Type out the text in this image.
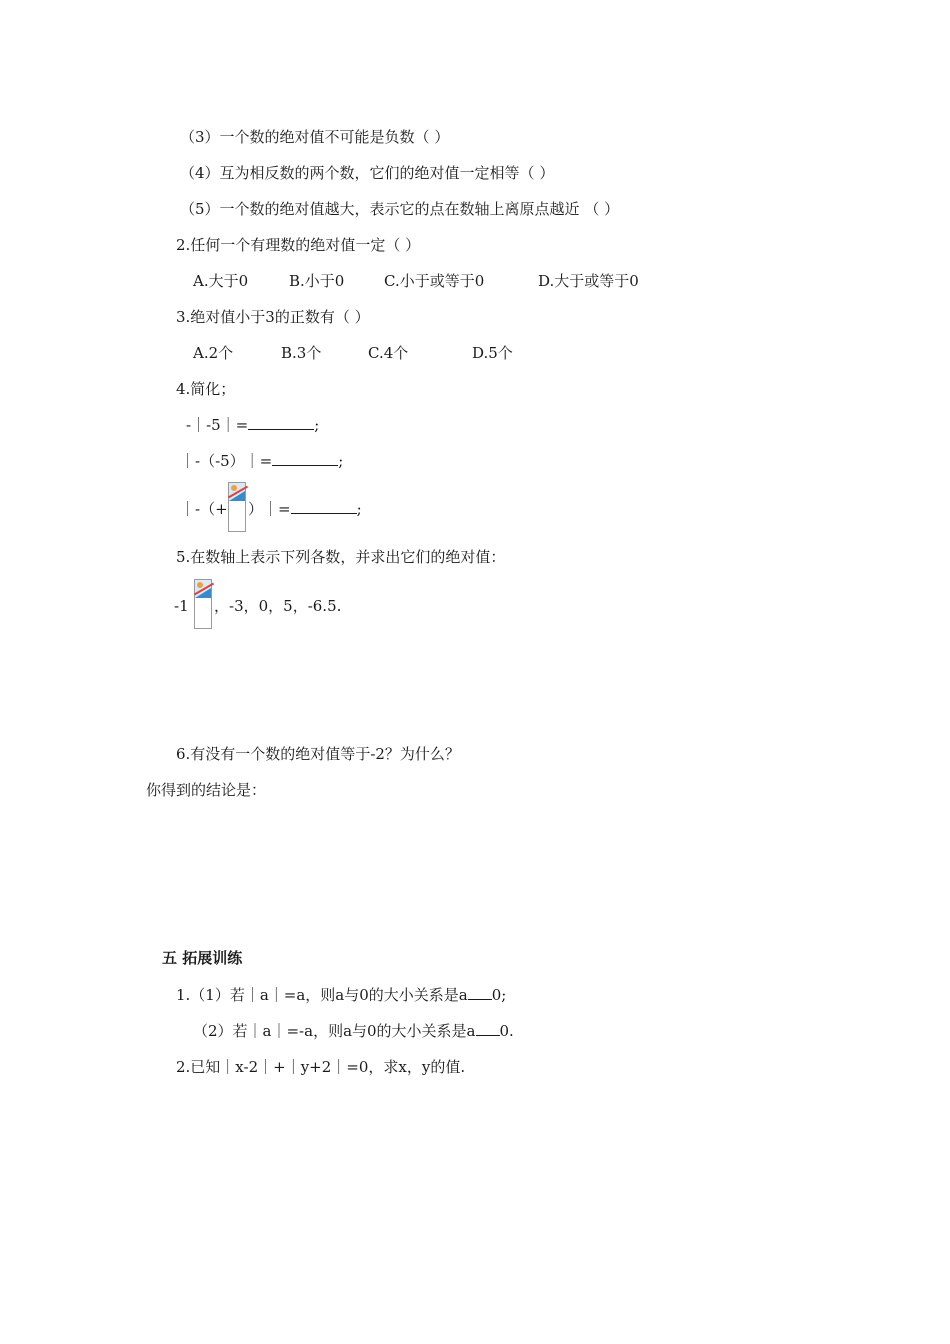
（3）一个数的绝对值不可能是负数（ ）
（4）互为相反数的两个数，它们的绝对值一定相等（ ）
（5）一个数的绝对值越大，表示它的点在数轴上离原点越近 （ ）
2.任何一个有理数的绝对值一定（ ）
A.大于0	B.小于0	C.小于或等于0	D.大于或等于0
3.绝对值小于3的正数有（ ）
A.2个	B.3个	C.4个	D.5个
4.简化；
-｜-5｜=	;
｜-（-5）｜=	;
｜-（+ ）｜=	;
5.在数轴上表示下列各数，并求出它们的绝对值：
-1 ，-3，0，5，-6.5.
6.有没有一个数的绝对值等于-2？为什么？
你得到的结论是：
五 拓展训练
1.（1）若｜a｜=a，则a与0的大小关系是a 0;
（2）若｜a｜=-a，则a与0的大小关系是a 0.
2.已知｜x-2｜+｜y+2｜=0，求x，y的值.
